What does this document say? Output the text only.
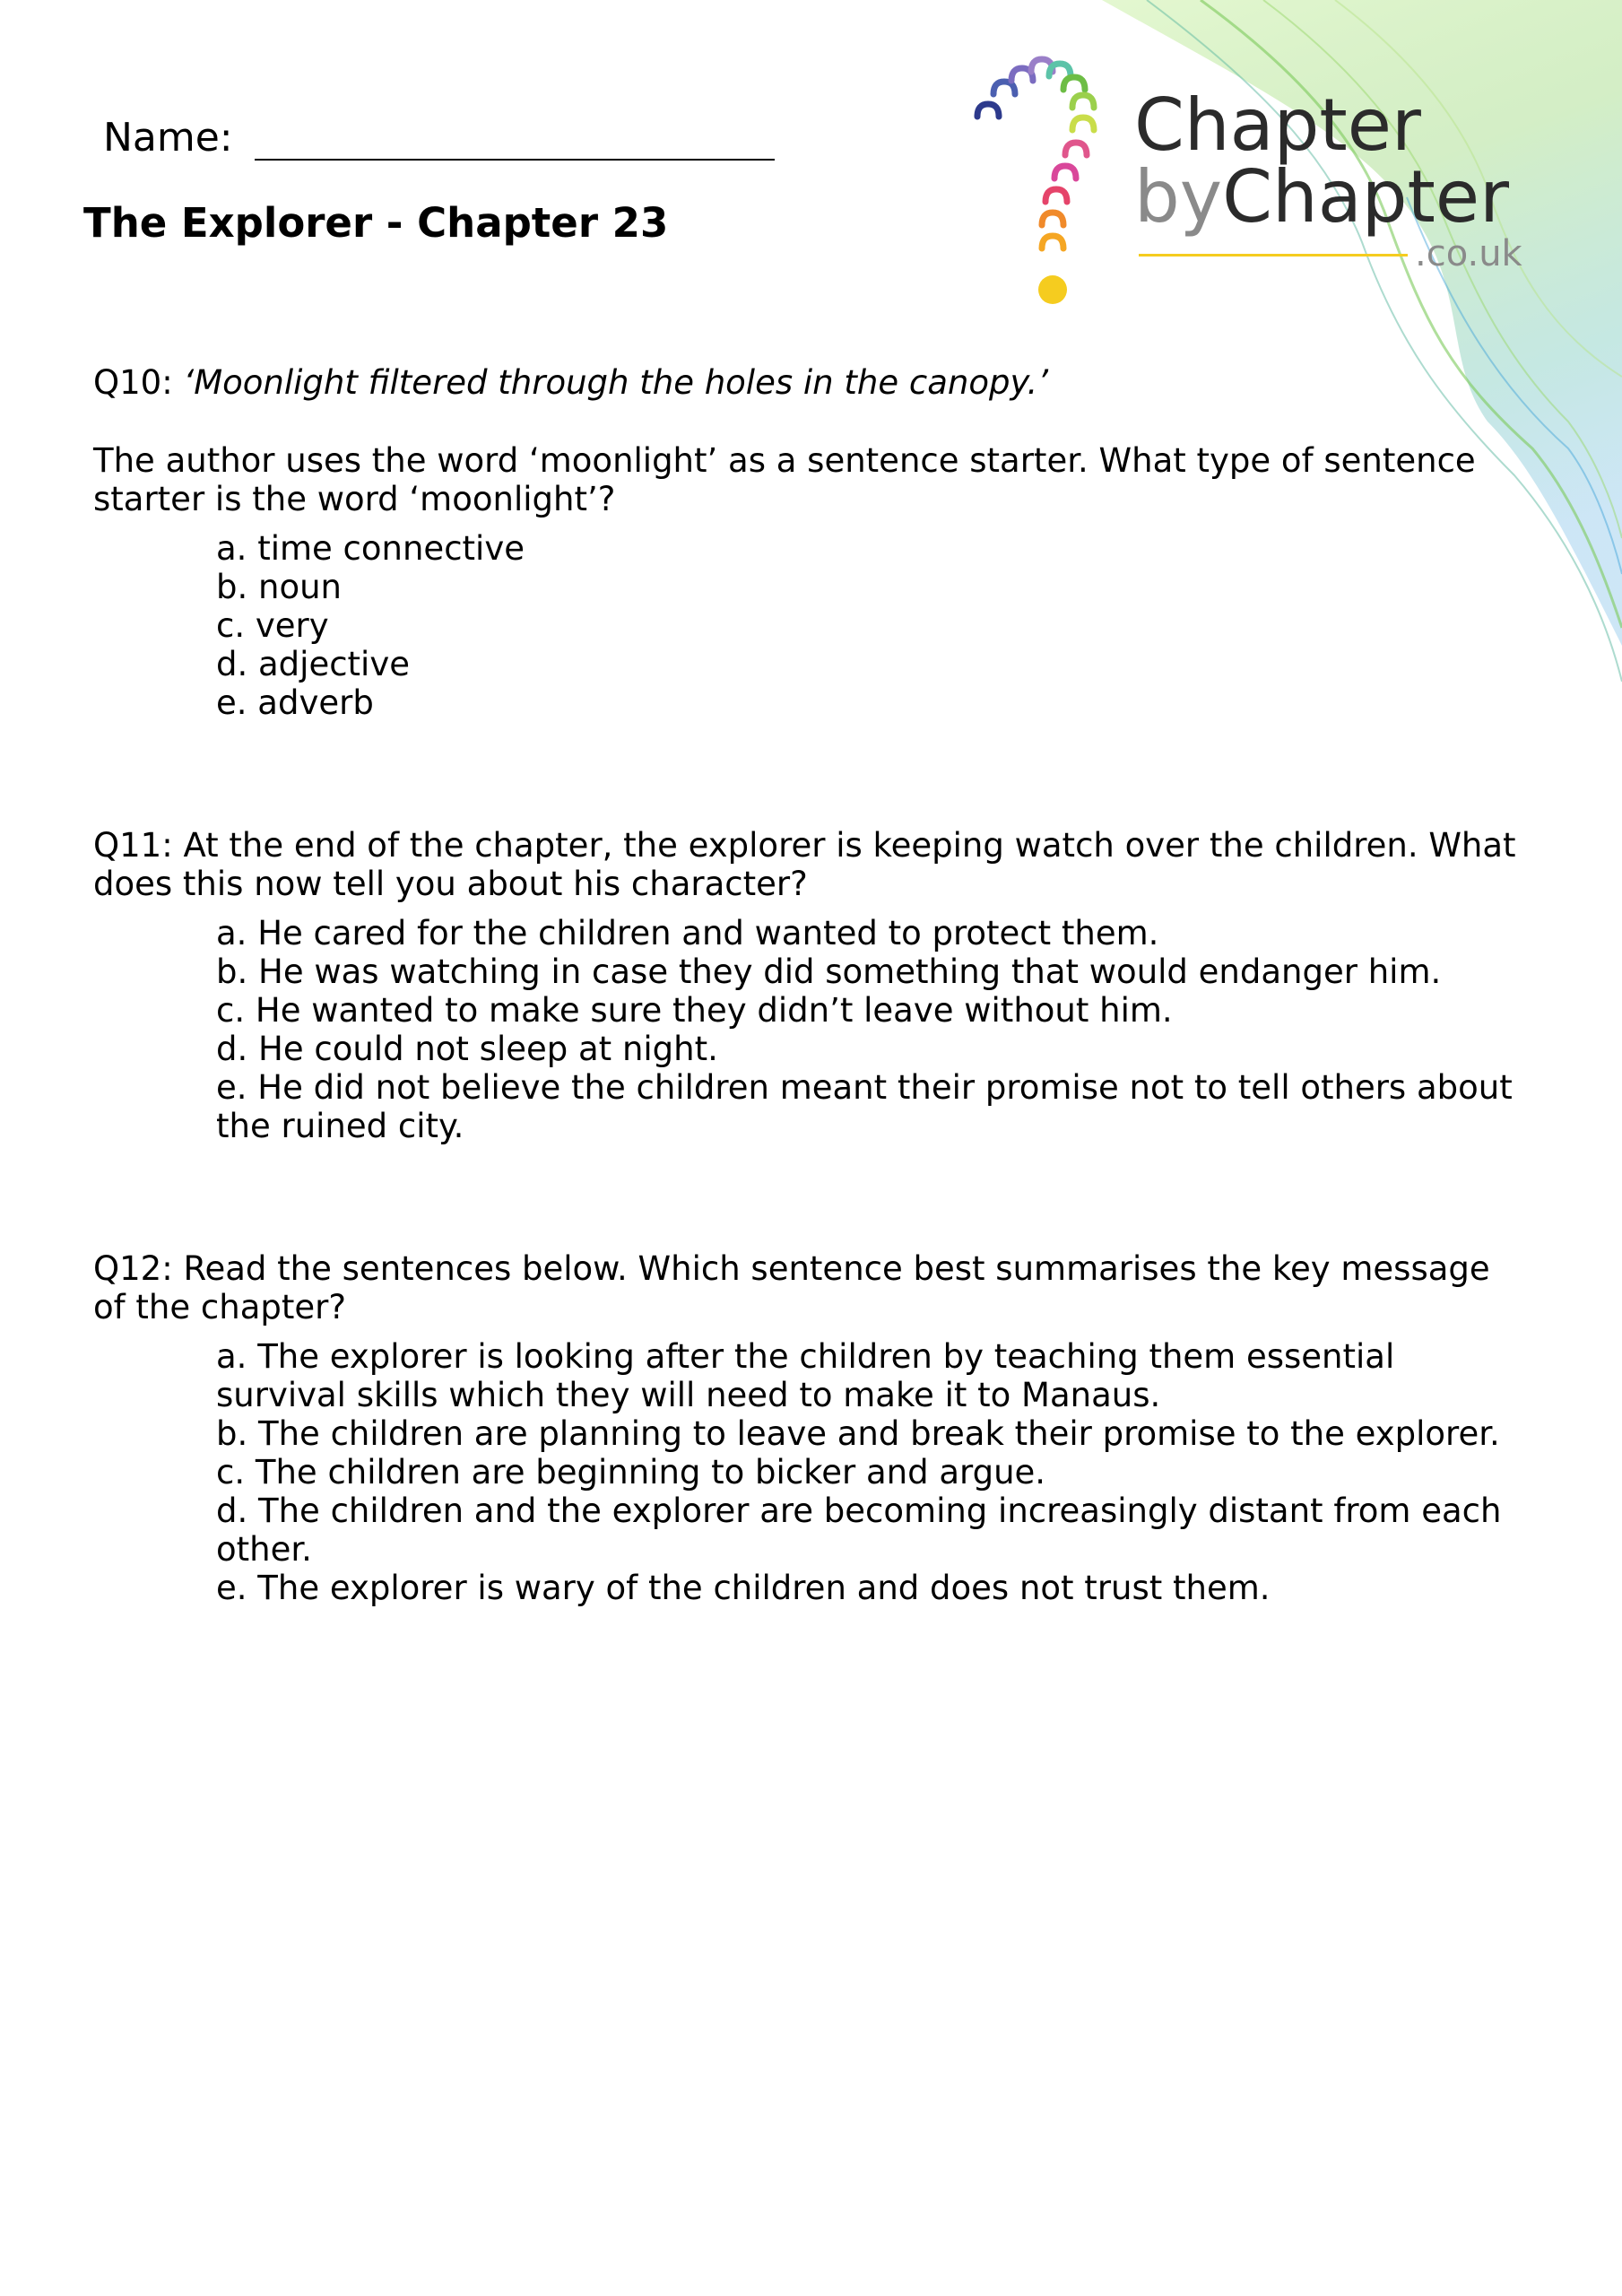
Name:
The Explorer - Chapter 23
Chapter
byChapter
.co.uk

Q10: ‘Moonlight filtered through the holes in the canopy.’

The author uses the word ‘moonlight’ as a sentence starter. What type of sentence starter is the word ‘moonlight’?

a. time connective
b. noun
c. very
d. adjective
e. adverb

Q11: At the end of the chapter, the explorer is keeping watch over the children. What does this now tell you about his character?

a. He cared for the children and wanted to protect them.
b. He was watching in case they did something that would endanger him.
c. He wanted to make sure they didn’t leave without him.
d. He could not sleep at night.
e. He did not believe the children meant their promise not to tell others about the ruined city.

Q12: Read the sentences below. Which sentence best summarises the key message of the chapter?

a. The explorer is looking after the children by teaching them essential survival skills which they will need to make it to Manaus.
b. The children are planning to leave and break their promise to the explorer.
c. The children are beginning to bicker and argue.
d. The children and the explorer are becoming increasingly distant from each other.
e. The explorer is wary of the children and does not trust them.
